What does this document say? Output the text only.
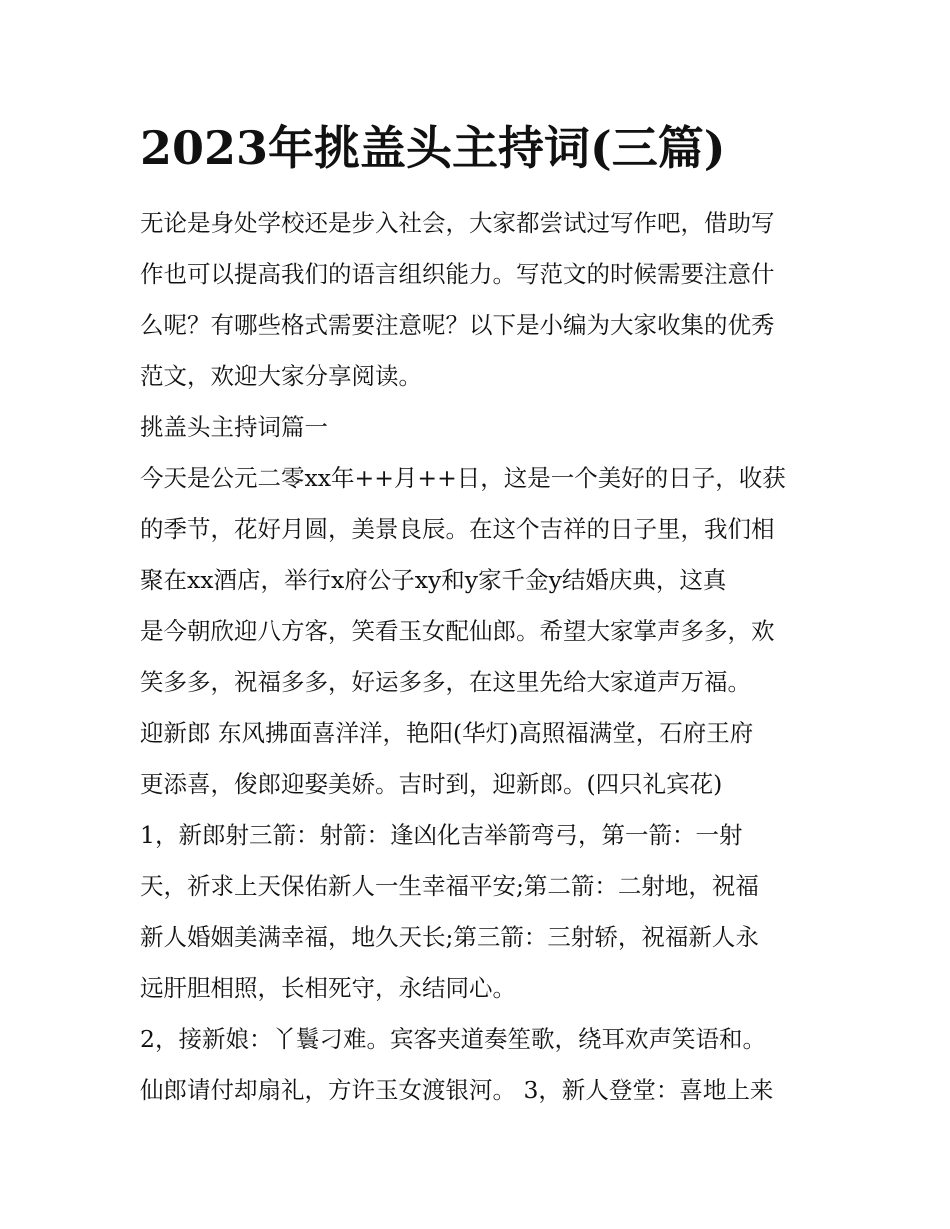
2023年挑盖头主持词(三篇)

无论是身处学校还是步入社会，大家都尝试过写作吧，借助写

作也可以提高我们的语言组织能力。写范文的时候需要注意什

么呢？有哪些格式需要注意呢？以下是小编为大家收集的优秀

范文，欢迎大家分享阅读。

挑盖头主持词篇一

今天是公元二零xx年++月++日，这是一个美好的日子，收获

的季节，花好月圆，美景良辰。在这个吉祥的日子里，我们相

聚在xx酒店，举行x府公子xy和y家千金y结婚庆典，这真

是今朝欣迎八方客，笑看玉女配仙郎。希望大家掌声多多，欢

笑多多，祝福多多，好运多多，在这里先给大家道声万福。

迎新郎 东风拂面喜洋洋，艳阳(华灯)高照福满堂，石府王府

更添喜，俊郎迎娶美娇。吉时到，迎新郎。(四只礼宾花)

1，新郎射三箭：射箭：逢凶化吉举箭弯弓，第一箭：一射

天，祈求上天保佑新人一生幸福平安;第二箭：二射地，祝福

新人婚姻美满幸福，地久天长;第三箭：三射轿，祝福新人永

远肝胆相照，长相死守，永结同心。

2，接新娘：丫鬟刁难。宾客夹道奏笙歌，绕耳欢声笑语和。

仙郎请付却扇礼，方许玉女渡银河。 3，新人登堂：喜地上来
